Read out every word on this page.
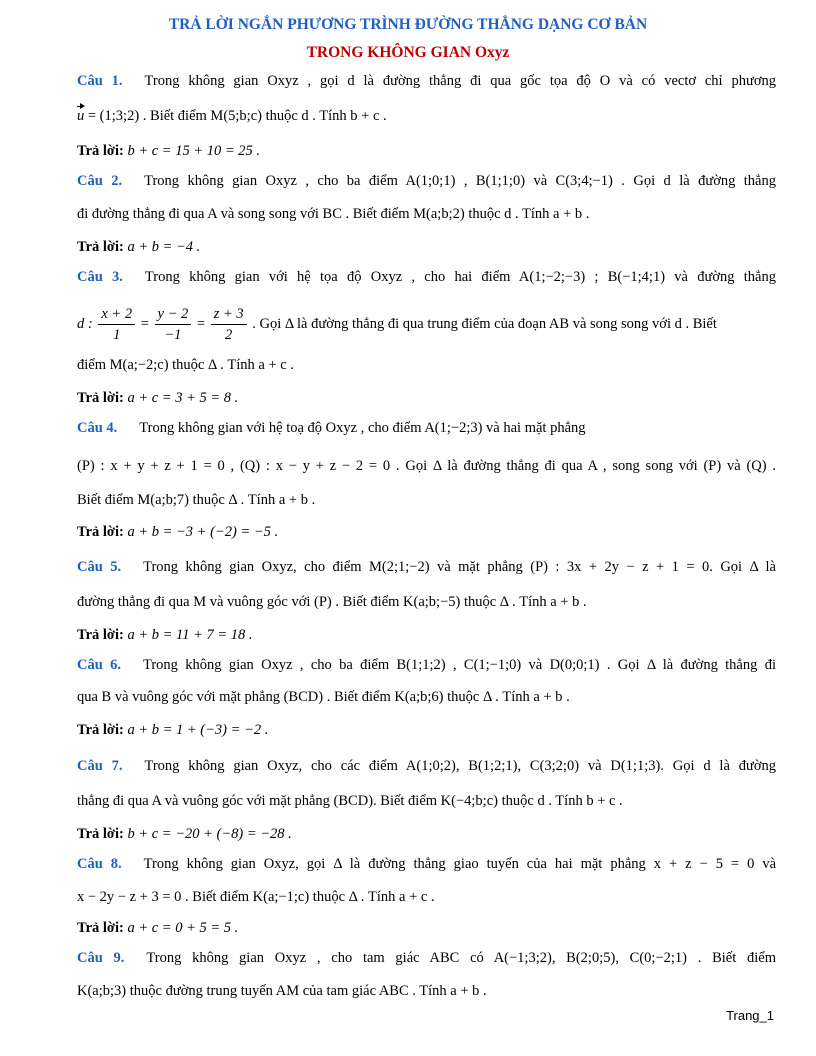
TRẢ LỜI NGẮN PHƯƠNG TRÌNH ĐƯỜNG THẲNG DẠNG CƠ BẢN
TRONG KHÔNG GIAN Oxyz
Câu 1. Trong không gian Oxyz , gọi d là đường thẳng đi qua gốc tọa độ O và có vectơ chỉ phương
u = (1;3;2) . Biết điểm M(5;b;c) thuộc d . Tính b + c .
Trả lời: b + c = 15 + 10 = 25 .
Câu 2. Trong không gian Oxyz , cho ba điểm A(1;0;1) , B(1;1;0) và C(3;4;−1) . Gọi d là đường thẳng
đi đường thẳng đi qua A và song song với BC . Biết điểm M(a;b;2) thuộc d . Tính a + b .
Trả lời: a + b = −4 .
Câu 3. Trong không gian với hệ tọa độ Oxyz , cho hai điểm A(1;−2;−3) ; B(−1;4;1) và đường thẳng
d : $\frac{x + 2}{1} = \frac{y - 2}{-1} = \frac{z + 3}{2}$ . Gọi Δ là đường thẳng đi qua trung điểm của đoạn AB và song song với d . Biết
điểm M(a;−2;c) thuộc Δ . Tính a + c .
Trả lời: a + c = 3 + 5 = 8 .
Câu 4. Trong không gian với hệ toạ độ Oxyz , cho điểm A(1;−2;3) và hai mặt phẳng
(P) : x + y + z + 1 = 0 , (Q) : x − y + z − 2 = 0 . Gọi Δ là đường thẳng đi qua A , song song với (P) và (Q) .
Biết điểm M(a;b;7) thuộc Δ . Tính a + b .
Trả lời: a + b = −3 + (−2) = −5 .
Câu 5. Trong không gian Oxyz, cho điểm M(2;1;−2) và mặt phẳng (P) : 3x + 2y − z + 1 = 0. Gọi Δ là
đường thẳng đi qua M và vuông góc với (P) . Biết điểm K(a;b;−5) thuộc Δ . Tính a + b .
Trả lời: a + b = 11 + 7 = 18 .
Câu 6. Trong không gian Oxyz , cho ba điểm B(1;1;2) , C(1;−1;0) và D(0;0;1) . Gọi Δ là đường thẳng đi
qua B và vuông góc với mặt phẳng (BCD) . Biết điểm K(a;b;6) thuộc Δ . Tính a + b .
Trả lời: a + b = 1 + (−3) = −2 .
Câu 7. Trong không gian Oxyz, cho các điểm A(1;0;2), B(1;2;1), C(3;2;0) và D(1;1;3). Gọi d là đường
thẳng đi qua A và vuông góc với mặt phẳng (BCD). Biết điểm K(−4;b;c) thuộc d . Tính b + c .
Trả lời: b + c = −20 + (−8) = −28 .
Câu 8. Trong không gian Oxyz, gọi Δ là đường thẳng giao tuyến của hai mặt phẳng x + z − 5 = 0 và
x − 2y − z + 3 = 0 . Biết điểm K(a;−1;c) thuộc Δ . Tính a + c .
Trả lời: a + c = 0 + 5 = 5 .
Câu 9. Trong không gian Oxyz , cho tam giác ABC có A(−1;3;2), B(2;0;5), C(0;−2;1) . Biết điểm
K(a;b;3) thuộc đường trung tuyến AM của tam giác ABC . Tính a + b .
Trang_1
